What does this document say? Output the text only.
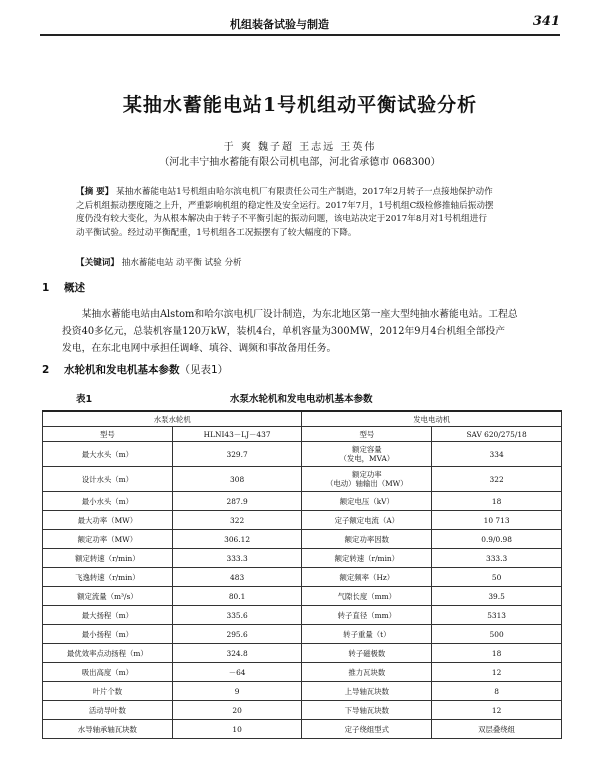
机组装备试验与制造	341
某抽水蓄能电站1号机组动平衡试验分析
于 爽 魏子超 王志远 王英伟
（河北丰宁抽水蓄能有限公司机电部，河北省承德市 068300）
【摘 要】 某抽水蓄能电站1号机组由哈尔滨电机厂有限责任公司生产制造，2017年2月转子一点接地保护动作
之后机组振动摆度随之上升，严重影响机组的稳定性及安全运行。2017年7月，1号机组C级检修推轴后振动摆
度仍没有较大变化，为从根本解决由于转子不平衡引起的振动问题，该电站决定于2017年8月对1号机组进行
动平衡试验。经过动平衡配重，1号机组各工况振摆有了较大幅度的下降。
【关键词】 抽水蓄能电站 动平衡 试验 分析
1 概述
某抽水蓄能电站由Alstom和哈尔滨电机厂设计制造，为东北地区第一座大型纯抽水蓄能电站。工程总
投资40多亿元，总装机容量120万kW，装机4台，单机容量为300MW，2012年9月4台机组全部投产
发电，在东北电网中承担任调峰、填谷、调频和事故备用任务。
2 水轮机和发电机基本参数（见表1）
表1	水泵水轮机和发电电动机基本参数
水泵水轮机		发电电动机	
型号	HLNI43－LJ－437	型号	SAV 620/275/18
最大水头（m）	329.7	额定容量
（发电，MVA）	334
设计水头（m）	308	额定功率
（电动）轴输出（MW）	322
最小水头（m）	287.9	额定电压（kV）	18
最大功率（MW）	322	定子额定电流（A）	10 713
额定功率（MW）	306.12	额定功率因数	0.9/0.98
额定转速（r/min）	333.3	额定转速（r/min）	333.3
飞逸转速（r/min）	483	额定频率（Hz）	50
额定流量（m³/s）	80.1	气隙长度（mm）	39.5
最大扬程（m）	335.6	转子直径（mm）	5313
最小扬程（m）	295.6	转子重量（t）	500
最优效率点动扬程（m）	324.8	转子磁极数	18
吸出高度（m）	－64	推力瓦块数	12
叶片个数	9	上导轴瓦块数	8
活动导叶数	20	下导轴瓦块数	12
水导轴承轴瓦块数	10	定子绕组型式	双层叠绕组
